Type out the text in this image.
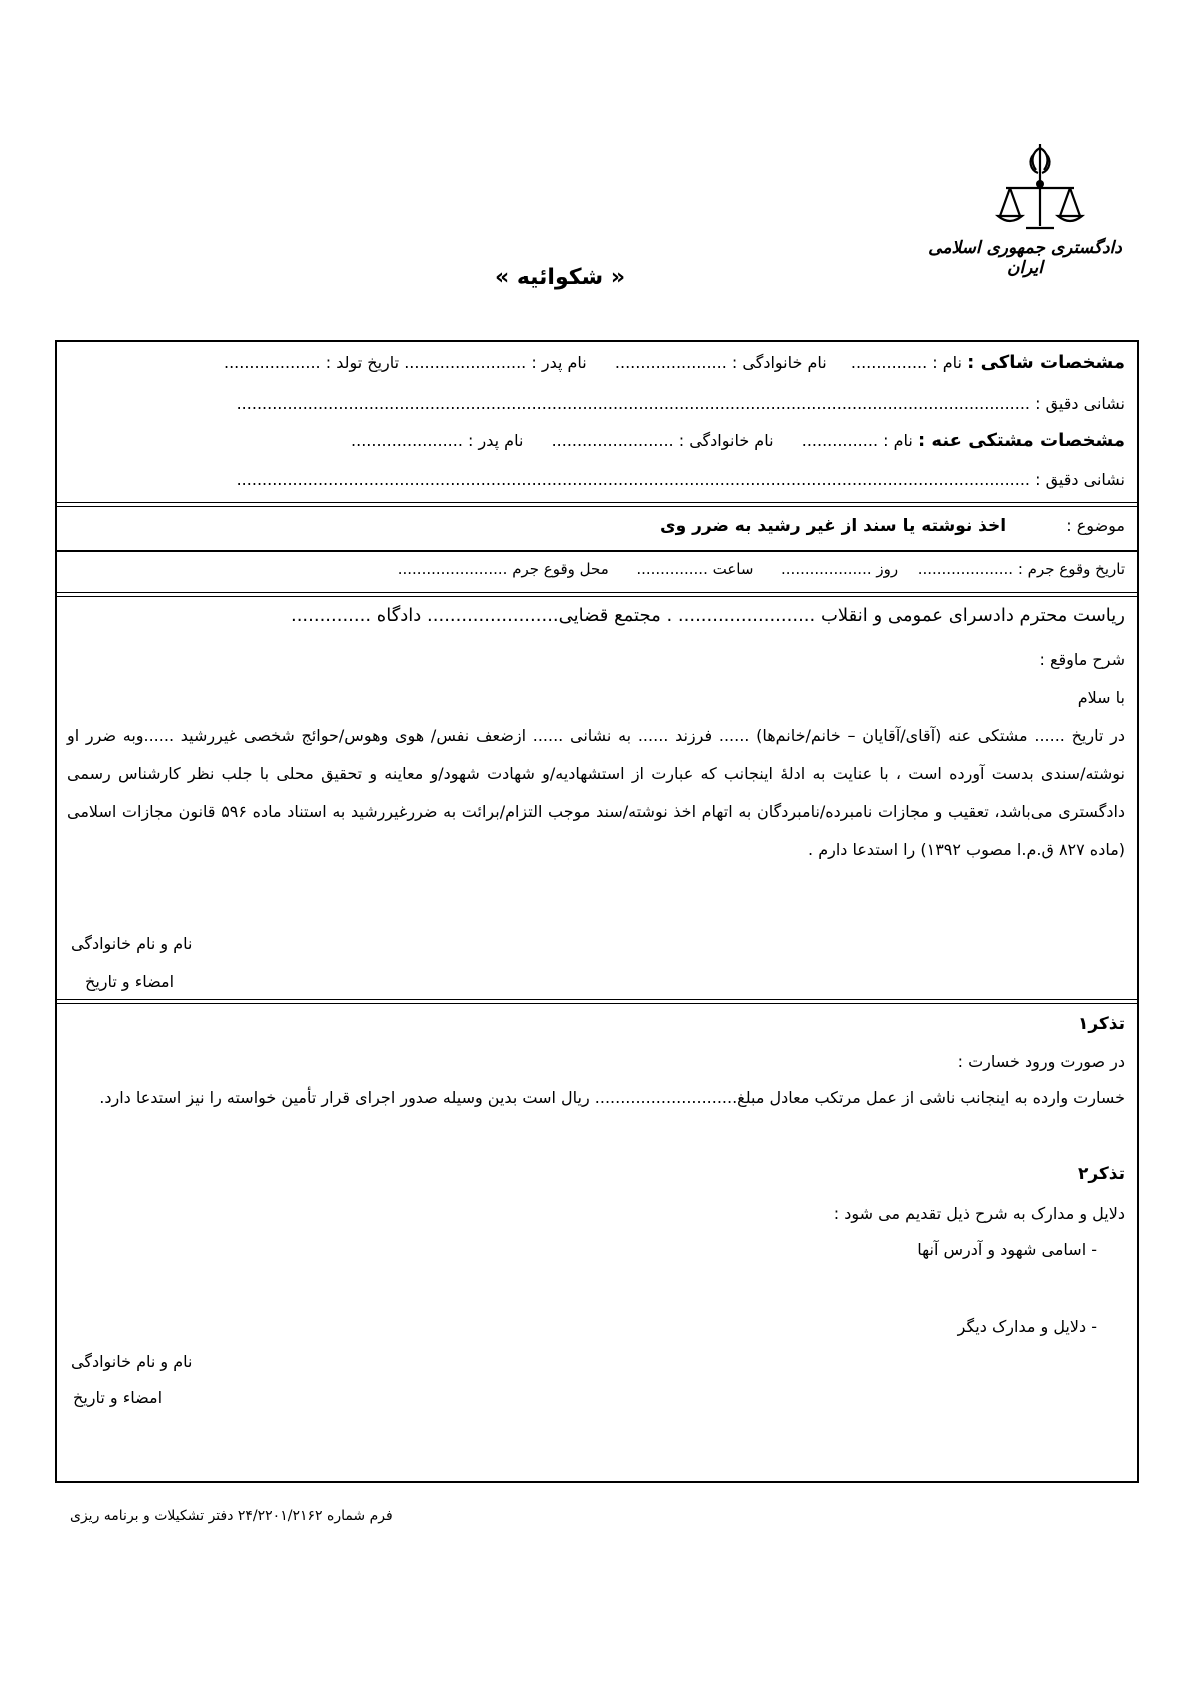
دادگستری جمهوری اسلامی ایران
« شکوائیه »
مشخصات شاکی : نام : ...............  نام خانوادگی : ......................  نام پدر : ........................ تاریخ تولد : ...................
نشانی دقیق : ............................................................................................................................................................
مشخصات مشتکی عنه : نام : ...............  نام خانوادگی : ........................  نام پدر : ......................
نشانی دقیق : ............................................................................................................................................................
موضوع :  اخذ نوشته یا سند از غیر رشید به ضرر وی
تاریخ وقوع جرم : ....................  روز ...................  ساعت ...............  محل وقوع جرم .......................
ریاست محترم دادسرای عمومی و انقلاب ........................ . مجتمع قضایی....................... دادگاه ..............
شرح ماوقع :
با سلام
در تاریخ ...... مشتکی عنه (آقای/آقایان – خانم/خانم‌ها) ...... فرزند ...... به نشانی ...... ازضعف نفس/ هوی وهوس/حوائج شخصی غیررشید ......وبه ضرر او نوشته/سندی بدست آورده است ، با عنایت به ادلهٔ اینجانب که عبارت از استشهادیه/و شهادت شهود/و معاینه و تحقیق محلی با جلب نظر کارشناس رسمی دادگستری می‌باشد، تعقیب و مجازات نامبرده/نامبردگان به اتهام اخذ نوشته/سند موجب التزام/برائت به ضررغیررشید به استناد ماده ۵۹۶ قانون مجازات اسلامی (ماده ۸۲۷ ق.م.ا مصوب ۱۳۹۲) را استدعا دارم .
نام و نام خانوادگی
امضاء و تاریخ
تذکر۱
در صورت ورود خسارت :
خسارت وارده به اینجانب ناشی از عمل مرتکب معادل مبلغ............................ ریال است بدین وسیله صدور اجرای قرار تأمین خواسته را نیز استدعا دارد.
تذکر۲
دلایل و مدارک به شرح ذیل تقدیم می شود :
- اسامی شهود و آدرس آنها
- دلایل و مدارک دیگر
نام و نام خانوادگی
امضاء و تاریخ
فرم شماره ۲۴/۲۲۰۱/۲۱۶۲ دفتر تشکیلات و برنامه ریزی
